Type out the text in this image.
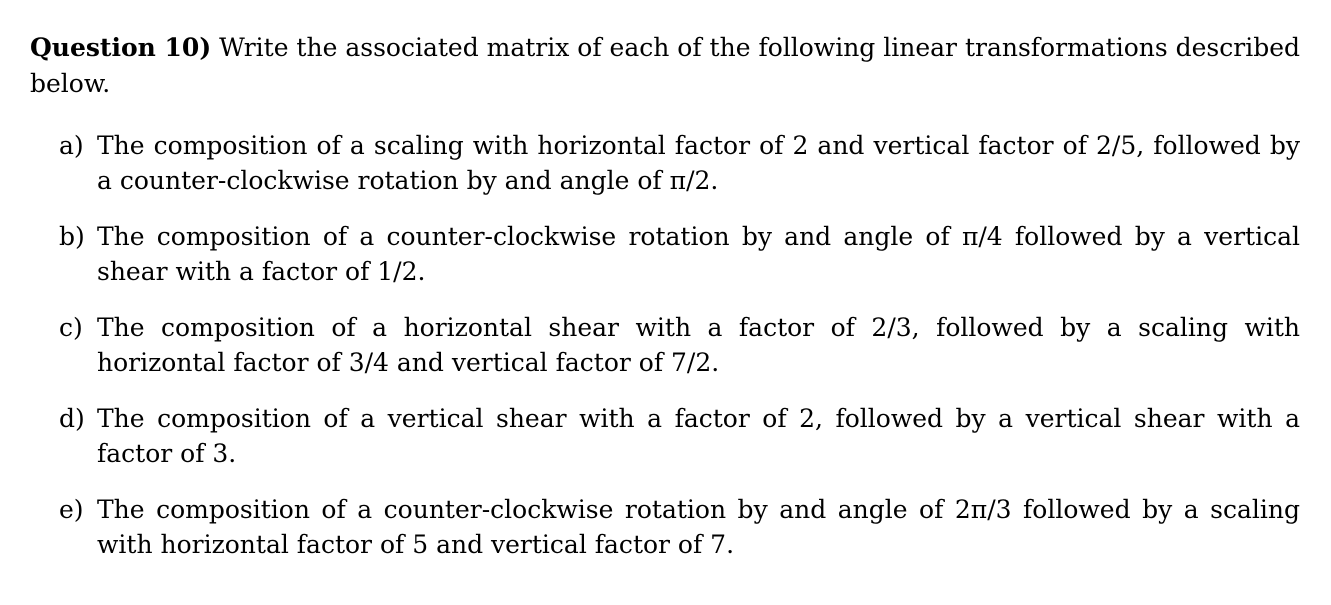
Question 10) Write the associated matrix of each of the following linear transformations described below.

a) The composition of a scaling with horizontal factor of 2 and vertical factor of 2/5, followed by a counter-clockwise rotation by and angle of π/2.
b) The composition of a counter-clockwise rotation by and angle of π/4 followed by a vertical shear with a factor of 1/2.
c) The composition of a horizontal shear with a factor of 2/3, followed by a scaling with horizontal factor of 3/4 and vertical factor of 7/2.
d) The composition of a vertical shear with a factor of 2, followed by a vertical shear with a factor of 3.
e) The composition of a counter-clockwise rotation by and angle of 2π/3 followed by a scaling with horizontal factor of 5 and vertical factor of 7.
